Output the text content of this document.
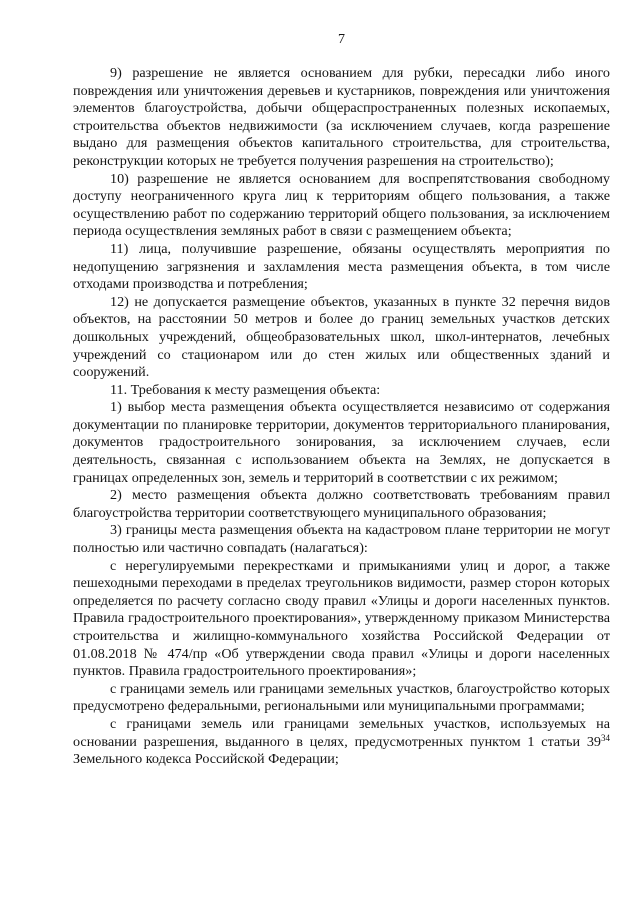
7

9) разрешение не является основанием для рубки, пересадки либо иного повреждения или уничтожения деревьев и кустарников, повреждения или уничтожения элементов благоустройства, добычи общераспространенных полезных ископаемых, строительства объектов недвижимости (за исключением случаев, когда разрешение выдано для размещения объектов капитального строительства, для строительства, реконструкции которых не требуется получения разрешения на строительство);

10) разрешение не является основанием для воспрепятствования свободному доступу неограниченного круга лиц к территориям общего пользования, а также осуществлению работ по содержанию территорий общего пользования, за исключением периода осуществления земляных работ в связи с размещением объекта;

11) лица, получившие разрешение, обязаны осуществлять мероприятия по недопущению загрязнения и захламления места размещения объекта, в том числе отходами производства и потребления;

12) не допускается размещение объектов, указанных в пункте 32 перечня видов объектов, на расстоянии 50 метров и более до границ земельных участков детских дошкольных учреждений, общеобразовательных школ, школ-интернатов, лечебных учреждений со стационаром или до стен жилых или общественных зданий и сооружений.

11. Требования к месту размещения объекта:

1) выбор места размещения объекта осуществляется независимо от содержания документации по планировке территории, документов территориального планирования, документов градостроительного зонирования, за исключением случаев, если деятельность, связанная с использованием объекта на Землях, не допускается в границах определенных зон, земель и территорий в соответствии с их режимом;

2) место размещения объекта должно соответствовать требованиям правил благоустройства территории соответствующего муниципального образования;

3) границы места размещения объекта на кадастровом плане территории не могут полностью или частично совпадать (налагаться):

с нерегулируемыми перекрестками и примыканиями улиц и дорог, а также пешеходными переходами в пределах треугольников видимости, размер сторон которых определяется по расчету согласно своду правил «Улицы и дороги населенных пунктов. Правила градостроительного проектирования», утвержденному приказом Министерства строительства и жилищно-коммунального хозяйства Российской Федерации от 01.08.2018 № 474/пр «Об утверждении свода правил «Улицы и дороги населенных пунктов. Правила градостроительного проектирования»;

с границами земель или границами земельных участков, благоустройство которых предусмотрено федеральными, региональными или муниципальными программами;

с границами земель или границами земельных участков, используемых на основании разрешения, выданного в целях, предусмотренных пунктом 1 статьи $39^{34}$ Земельного кодекса Российской Федерации;
